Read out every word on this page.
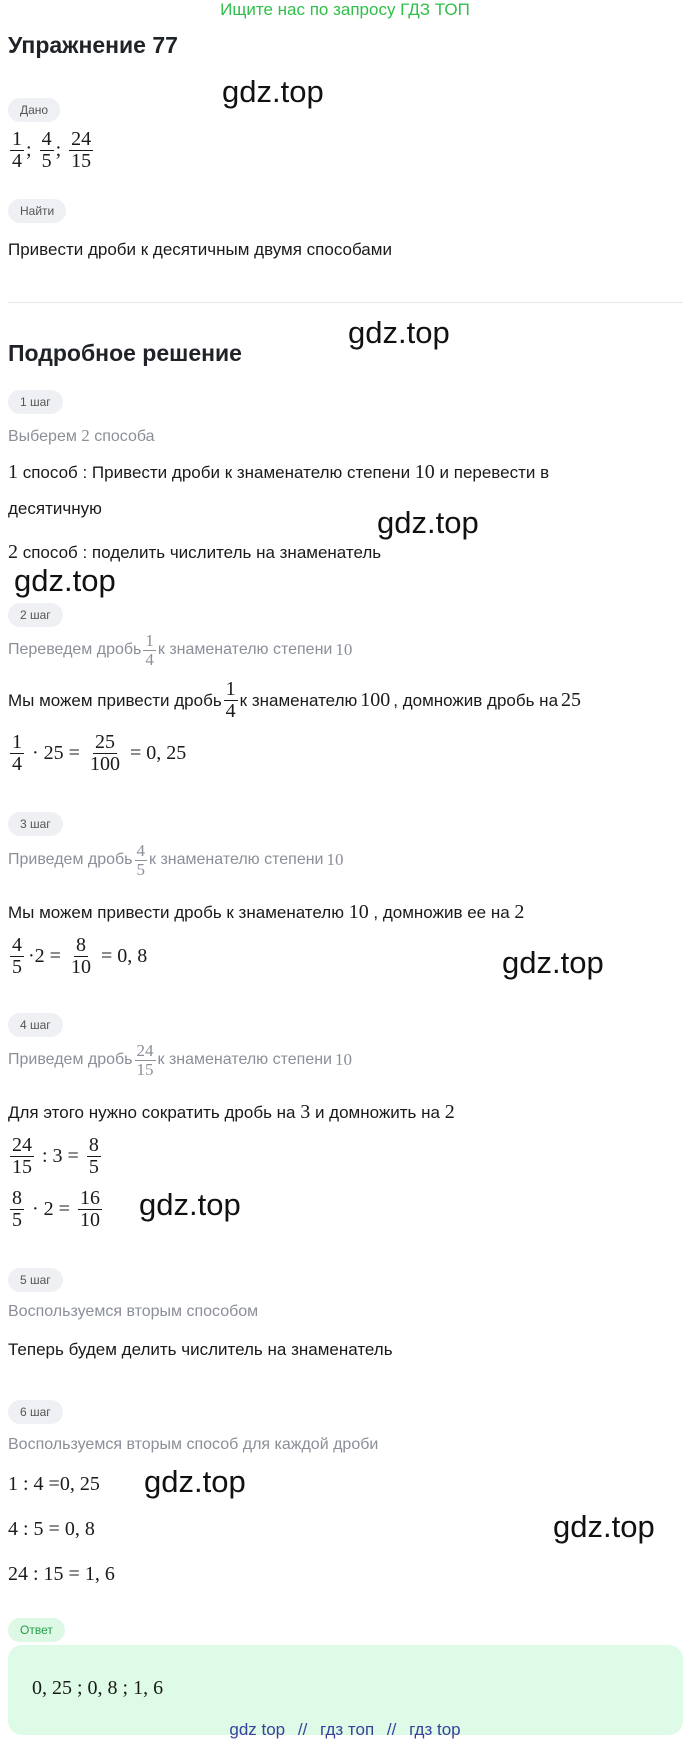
Ищите нас по запросу ГДЗ ТОП
Упражнение 77
gdz.top
gdz.top
gdz.top
gdz.top
gdz.top
gdz.top
gdz.top
gdz.top
Дано
$\frac{1}{4}$ ; $\frac{4}{5}$ ; $\frac{24}{15}$
Найти
Привести дроби к десятичным двумя способами
Подробное решение
1 шаг
Выберем 2 способа
1 способ : Привести дроби к знаменателю степени 10 и перевести в
десятичную
2 способ : поделить числитель на знаменатель
2 шаг
Переведем дробь $\frac{1}{4}$ к знаменателю степени 10
Мы можем привести дробь $\frac{1}{4}$ к знаменателю 100 , домножив дробь на 25
$\frac{1}{4} \cdot 25 = \frac{25}{100} = 0$, 25
3 шаг
Приведем дробь $\frac{4}{5}$ к знаменателю степени 10
Мы можем привести дробь к знаменателю 10 , домножив ее на 2
$\frac{4}{5} \cdot 2 = \frac{8}{10} = 0$, 8
4 шаг
Приведем дробь $\frac{24}{15}$ к знаменателю степени 10
Для этого нужно сократить дробь на 3 и домножить на 2
$\frac{24}{15}$ : $3 = \frac{8}{5}$
$\frac{8}{5} \cdot 2 = \frac{16}{10}$
5 шаг
Воспользуемся вторым способом
Теперь будем делить числитель на знаменатель
6 шаг
Воспользуемся вторым способ для каждой дроби
1 : 4 =0, 25
4 : 5 = 0, 8
24 : 15 = 1, 6
Ответ
0, 25 ; 0, 8 ; 1, 6
gdz top // гдз топ // гдз top
